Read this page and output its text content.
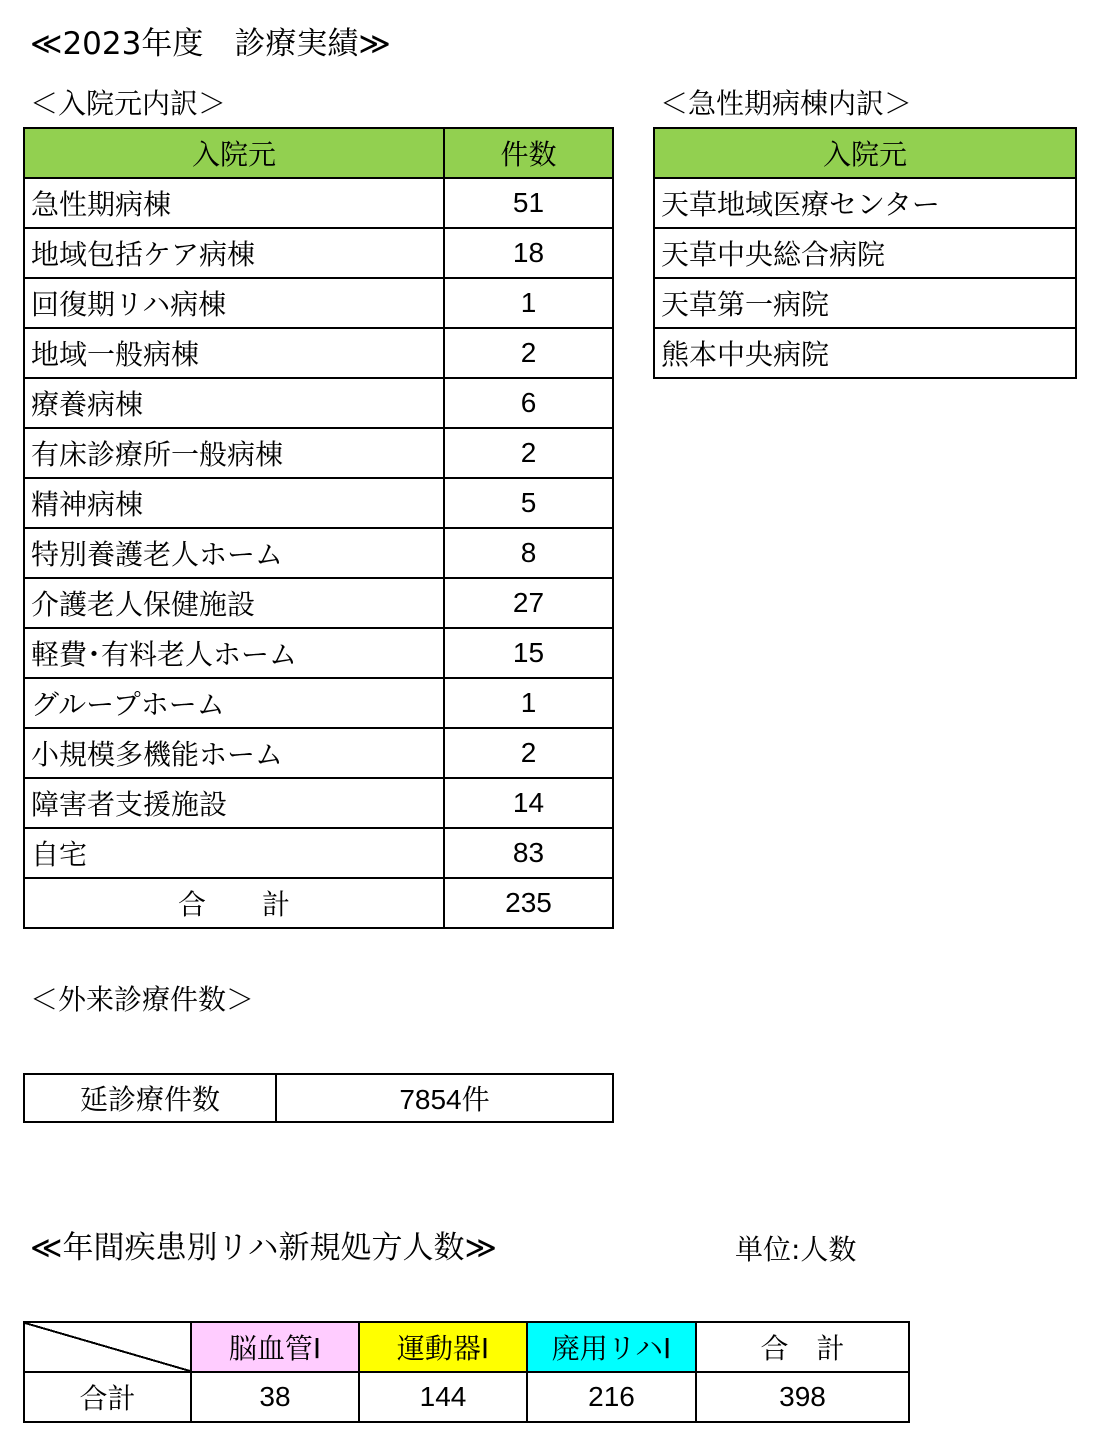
≪2023年度　診療実績≫
＜入院元内訳＞	＜急性期病棟内訳＞
入院元	件数
急性期病棟	51
地域包括ケア病棟	18
回復期リハ病棟	1
地域一般病棟	2
療養病棟	6
有床診療所一般病棟	2
精神病棟	5
特別養護老人ホーム	8
介護老人保健施設	27
軽費･有料老人ホーム	15
グループホーム	1
小規模多機能ホーム	2
障害者支援施設	14
自宅	83
合　　計	235
入院元
天草地域医療センター
天草中央総合病院
天草第一病院
熊本中央病院
＜外来診療件数＞
延診療件数	7854件
≪年間疾患別リハ新規処方人数≫	単位:人数
	脳血管Ⅰ	運動器Ⅰ	廃用リハⅠ	合　計
合計	38	144	216	398
